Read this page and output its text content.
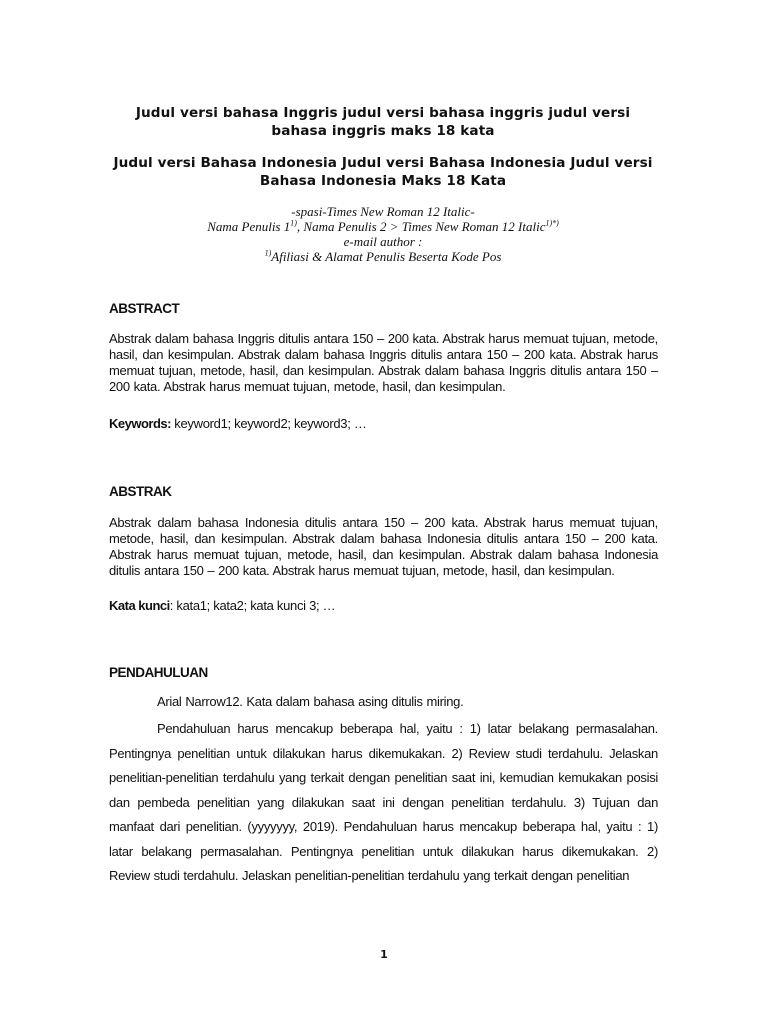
Judul versi bahasa Inggris judul versi bahasa inggris judul versi bahasa inggris maks 18 kata

Judul versi Bahasa Indonesia Judul versi Bahasa Indonesia Judul versi Bahasa Indonesia Maks 18 Kata

-spasi-Times New Roman 12 Italic-

Nama Penulis 1$^{1)}$, Nama Penulis 2 > Times New Roman 12 Italic$^{1)*)}$

e-mail author :

$^{1)}$Afiliasi & Alamat Penulis Beserta Kode Pos

ABSTRACT

Abstrak dalam bahasa Inggris ditulis antara 150 – 200 kata. Abstrak harus memuat tujuan, metode, hasil, dan kesimpulan. Abstrak dalam bahasa Inggris ditulis antara 150 – 200 kata. Abstrak harus memuat tujuan, metode, hasil, dan kesimpulan. Abstrak dalam bahasa Inggris ditulis antara 150 – 200 kata. Abstrak harus memuat tujuan, metode, hasil, dan kesimpulan.

Keywords: keyword1; keyword2; keyword3; …

ABSTRAK

Abstrak dalam bahasa Indonesia ditulis antara 150 – 200 kata. Abstrak harus memuat tujuan, metode, hasil, dan kesimpulan. Abstrak dalam bahasa Indonesia ditulis antara 150 – 200 kata. Abstrak harus memuat tujuan, metode, hasil, dan kesimpulan. Abstrak dalam bahasa Indonesia ditulis antara 150 – 200 kata. Abstrak harus memuat tujuan, metode, hasil, dan kesimpulan.

Kata kunci: kata1; kata2; kata kunci 3; …

PENDAHULUAN

Arial Narrow12. Kata dalam bahasa asing ditulis miring.

Pendahuluan harus mencakup beberapa hal, yaitu : 1) latar belakang permasalahan. Pentingnya penelitian untuk dilakukan harus dikemukakan. 2) Review studi terdahulu. Jelaskan penelitian-penelitian terdahulu yang terkait dengan penelitian saat ini, kemudian kemukakan posisi dan pembeda penelitian yang dilakukan saat ini dengan penelitian terdahulu. 3) Tujuan dan manfaat dari penelitian. (yyyyyyy, 2019). Pendahuluan harus mencakup beberapa hal, yaitu : 1) latar belakang permasalahan. Pentingnya penelitian untuk dilakukan harus dikemukakan. 2) Review studi terdahulu. Jelaskan penelitian-penelitian terdahulu yang terkait dengan penelitian

1
